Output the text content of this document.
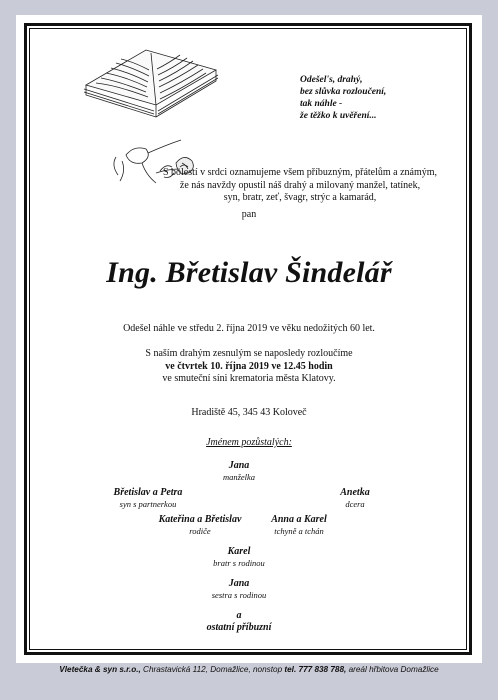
Odešel's, drahý,
bez slůvka rozloučení,
tak náhle -
že těžko k uvěření...
S bolestí v srdci oznamujeme všem příbuzným, přátelům a známým,
že nás navždy opustil náš drahý a milovaný manžel, tatínek,
syn, bratr, zeť, švagr, strýc a kamarád,
pan
Ing. Břetislav Šindelář
Odešel náhle ve středu 2. října 2019 ve věku nedožitých 60 let.
S naším drahým zesnulým se naposledy rozloučíme
ve čtvrtek 10. října 2019 ve 12.45 hodin
ve smuteční síni krematoria města Klatovy.
Hradiště 45, 345 43 Koloveč
Jménem pozůstalých:
Jana
manželka
Břetislav a Petra
syn s partnerkou
Anetka
dcera
Kateřina a Břetislav
rodiče
Anna a Karel
tchyně a tchán
Karel
bratr s rodinou
Jana
sestra s rodinou
a
ostatní příbuzní
Vletečka & syn s.r.o., Chrastavická 112, Domažlice, nonstop tel. 777 838 788, areál hřbitova Domažlice
